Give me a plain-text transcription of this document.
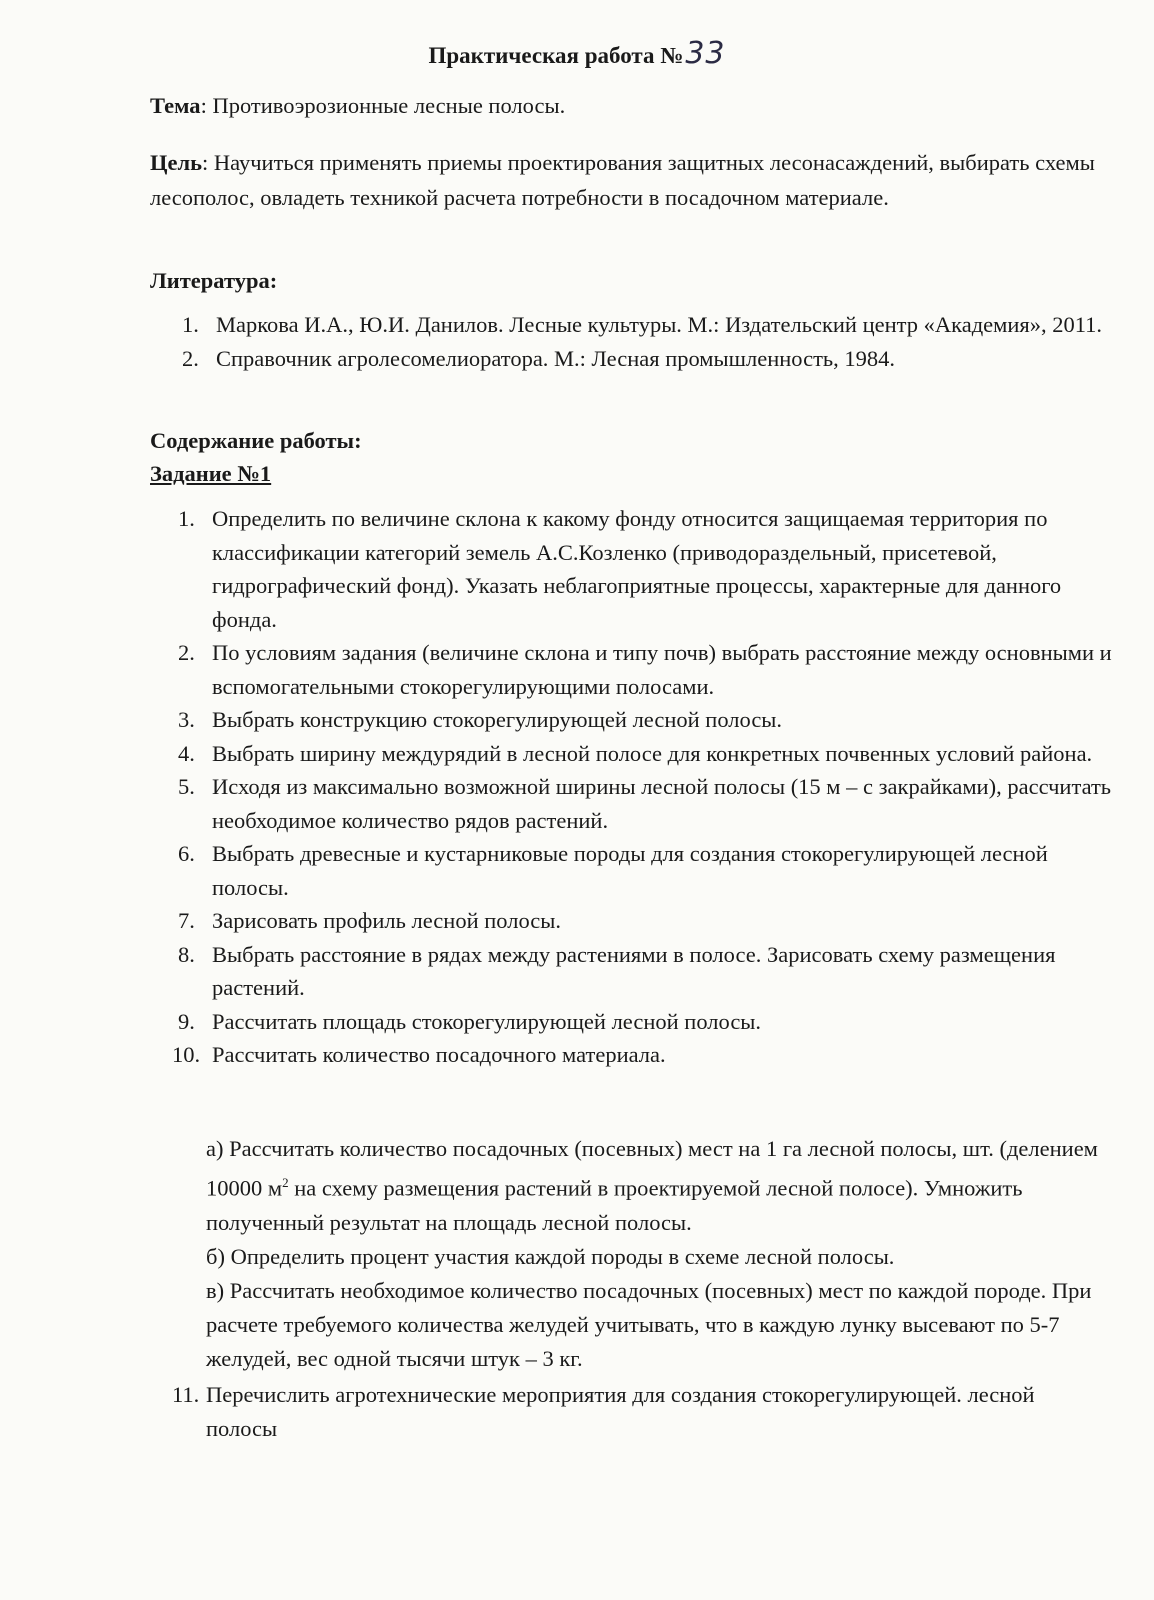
Практическая работа №33
Тема: Противоэрозионные лесные полосы.
Цель: Научиться применять приемы проектирования защитных лесонасаждений, выбирать схемы лесополос, овладеть техникой расчета потребности в посадочном материале.
Литература:
1. Маркова И.А., Ю.И. Данилов. Лесные культуры. М.: Издательский центр «Академия», 2011.
2. Справочник агролесомелиоратора. М.: Лесная промышленность, 1984.
Содержание работы:
Задание №1
1. Определить по величине склона к какому фонду относится защищаемая территория по классификации категорий земель А.С.Козленко (приводораздельный, присетевой, гидрографический фонд). Указать неблагоприятные процессы, характерные для данного фонда.
2. По условиям задания (величине склона и типу почв) выбрать расстояние между основными и вспомогательными стокорегулирующими полосами.
3. Выбрать конструкцию стокорегулирующей лесной полосы.
4. Выбрать ширину междурядий в лесной полосе для конкретных почвенных условий района.
5. Исходя из максимально возможной ширины лесной полосы (15 м – с закрайками), рассчитать необходимое количество рядов растений.
6. Выбрать древесные и кустарниковые породы для создания стокорегулирующей лесной полосы.
7. Зарисовать профиль лесной полосы.
8. Выбрать расстояние в рядах между растениями в полосе. Зарисовать схему размещения растений.
9. Рассчитать площадь стокорегулирующей лесной полосы.
10. Рассчитать количество посадочного материала.
а) Рассчитать количество посадочных (посевных) мест на 1 га лесной полосы, шт. (делением 10000 $м^2$ на схему размещения растений в проектируемой лесной полосе). Умножить полученный результат на площадь лесной полосы.
б) Определить процент участия каждой породы в схеме лесной полосы.
в) Рассчитать необходимое количество посадочных (посевных) мест по каждой породе. При расчете требуемого количества желудей учитывать, что в каждую лунку высевают по 5-7 желудей, вес одной тысячи штук – 3 кг.
11. Перечислить агротехнические мероприятия для создания стокорегулирующей. лесной полосы
